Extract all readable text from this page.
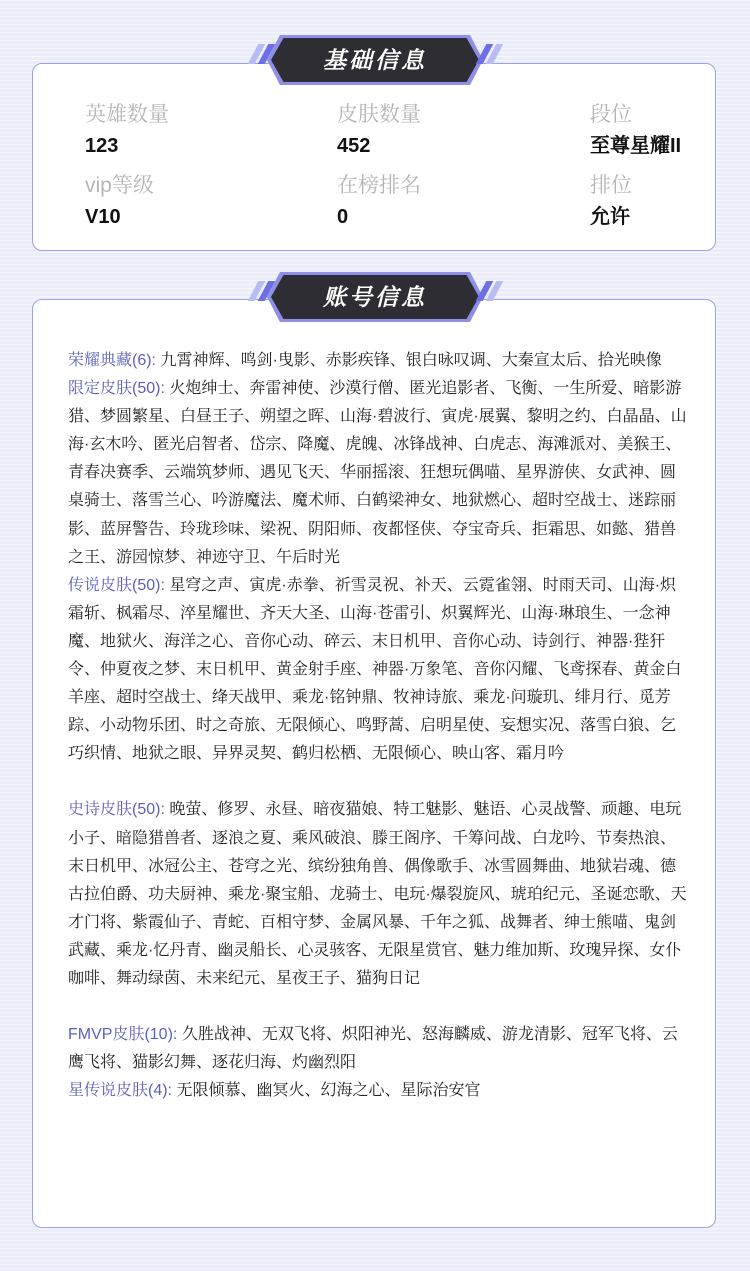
英雄数量
123
皮肤数量
452
段位
至尊星耀II
vip等级
V10
在榜排名
0
排位
允许
基础信息

荣耀典藏(6): 九霄神辉、鸣剑·曳影、赤影疾锋、银白咏叹调、大秦宣太后、拾光映像

限定皮肤(50): 火炮绅士、奔雷神使、沙漠行僧、匿光追影者、飞衡、一生所爱、暗影游猎、梦圆繁星、白昼王子、朔望之晖、山海·碧波行、寅虎·展翼、黎明之约、白晶晶、山海·玄木吟、匿光启智者、岱宗、降魔、虎魄、冰锋战神、白虎志、海滩派对、美猴王、青春决赛季、云端筑梦师、遇见飞天、华丽摇滚、狂想玩偶喵、星界游侠、女武神、圆桌骑士、落雪兰心、吟游魔法、魔术师、白鹤梁神女、地狱燃心、超时空战士、迷踪丽影、蓝屏警告、玲珑珍味、梁祝、阴阳师、夜都怪侠、夺宝奇兵、拒霜思、如懿、猎兽之王、游园惊梦、神迹守卫、午后时光

传说皮肤(50): 星穹之声、寅虎·赤拳、祈雪灵祝、补天、云霓雀翎、时雨天司、山海·炽霜斩、枫霜尽、淬星耀世、齐天大圣、山海·苍雷引、炽翼辉光、山海·琳琅生、一念神魔、地狱火、海洋之心、音你心动、碎云、末日机甲、音你心动、诗剑行、神器·狴犴令、仲夏夜之梦、末日机甲、黄金射手座、神器·万象笔、音你闪耀、飞鸢探春、黄金白羊座、超时空战士、绛天战甲、乘龙·铭钟鼎、牧神诗旅、乘龙·问璇玑、绯月行、觅芳踪、小动物乐团、时之奇旅、无限倾心、鸣野蒿、启明星使、妄想实况、落雪白狼、乞巧织情、地狱之眼、异界灵契、鹤归松栖、无限倾心、映山客、霜月吟

史诗皮肤(50): 晚萤、修罗、永昼、暗夜猫娘、特工魅影、魅语、心灵战警、顽趣、电玩小子、暗隐猎兽者、逐浪之夏、乘风破浪、滕王阁序、千筹问战、白龙吟、节奏热浪、末日机甲、冰冠公主、苍穹之光、缤纷独角兽、偶像歌手、冰雪圆舞曲、地狱岩魂、德古拉伯爵、功夫厨神、乘龙·聚宝船、龙骑士、电玩·爆裂旋风、琥珀纪元、圣诞恋歌、天才门将、紫霞仙子、青蛇、百相守梦、金属风暴、千年之狐、战舞者、绅士熊喵、鬼剑武藏、乘龙·忆丹青、幽灵船长、心灵骇客、无限星赏官、魅力维加斯、玫瑰异探、女仆咖啡、舞动绿茵、未来纪元、星夜王子、猫狗日记

FMVP皮肤(10): 久胜战神、无双飞将、炽阳神光、怒海麟威、游龙清影、冠军飞将、云鹰飞将、猫影幻舞、逐花归海、灼幽烈阳

星传说皮肤(4): 无限倾慕、幽冥火、幻海之心、星际治安官

账号信息
